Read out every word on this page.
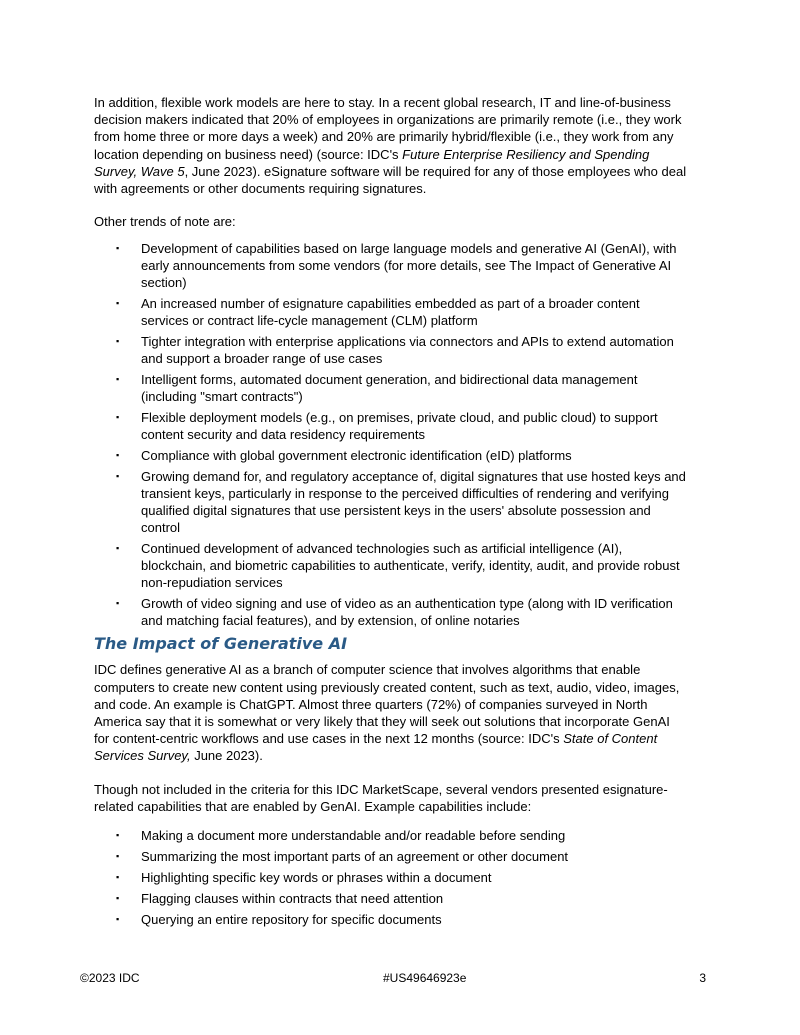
In addition, flexible work models are here to stay. In a recent global research, IT and line-of-business decision makers indicated that 20% of employees in organizations are primarily remote (i.e., they work from home three or more days a week) and 20% are primarily hybrid/flexible (i.e., they work from any location depending on business need) (source: IDC's Future Enterprise Resiliency and Spending Survey, Wave 5, June 2023). eSignature software will be required for any of those employees who deal with agreements or other documents requiring signatures.

Other trends of note are:

▪ Development of capabilities based on large language models and generative AI (GenAI), with early announcements from some vendors (for more details, see The Impact of Generative AI section)
▪ An increased number of esignature capabilities embedded as part of a broader content services or contract life-cycle management (CLM) platform
▪ Tighter integration with enterprise applications via connectors and APIs to extend automation and support a broader range of use cases
▪ Intelligent forms, automated document generation, and bidirectional data management (including "smart contracts")
▪ Flexible deployment models (e.g., on premises, private cloud, and public cloud) to support content security and data residency requirements
▪ Compliance with global government electronic identification (eID) platforms
▪ Growing demand for, and regulatory acceptance of, digital signatures that use hosted keys and transient keys, particularly in response to the perceived difficulties of rendering and verifying qualified digital signatures that use persistent keys in the users' absolute possession and control
▪ Continued development of advanced technologies such as artificial intelligence (AI), blockchain, and biometric capabilities to authenticate, verify, identity, audit, and provide robust non-repudiation services
▪ Growth of video signing and use of video as an authentication type (along with ID verification and matching facial features), and by extension, of online notaries
The Impact of Generative AI

IDC defines generative AI as a branch of computer science that involves algorithms that enable computers to create new content using previously created content, such as text, audio, video, images, and code. An example is ChatGPT. Almost three quarters (72%) of companies surveyed in North America say that it is somewhat or very likely that they will seek out solutions that incorporate GenAI for content-centric workflows and use cases in the next 12 months (source: IDC's State of Content Services Survey, June 2023).

Though not included in the criteria for this IDC MarketScape, several vendors presented esignature-related capabilities that are enabled by GenAI. Example capabilities include:

▪ Making a document more understandable and/or readable before sending
▪ Summarizing the most important parts of an agreement or other document
▪ Highlighting specific key words or phrases within a document
▪ Flagging clauses within contracts that need attention
▪ Querying an entire repository for specific documents
©2023 IDC	#US49646923e	3
